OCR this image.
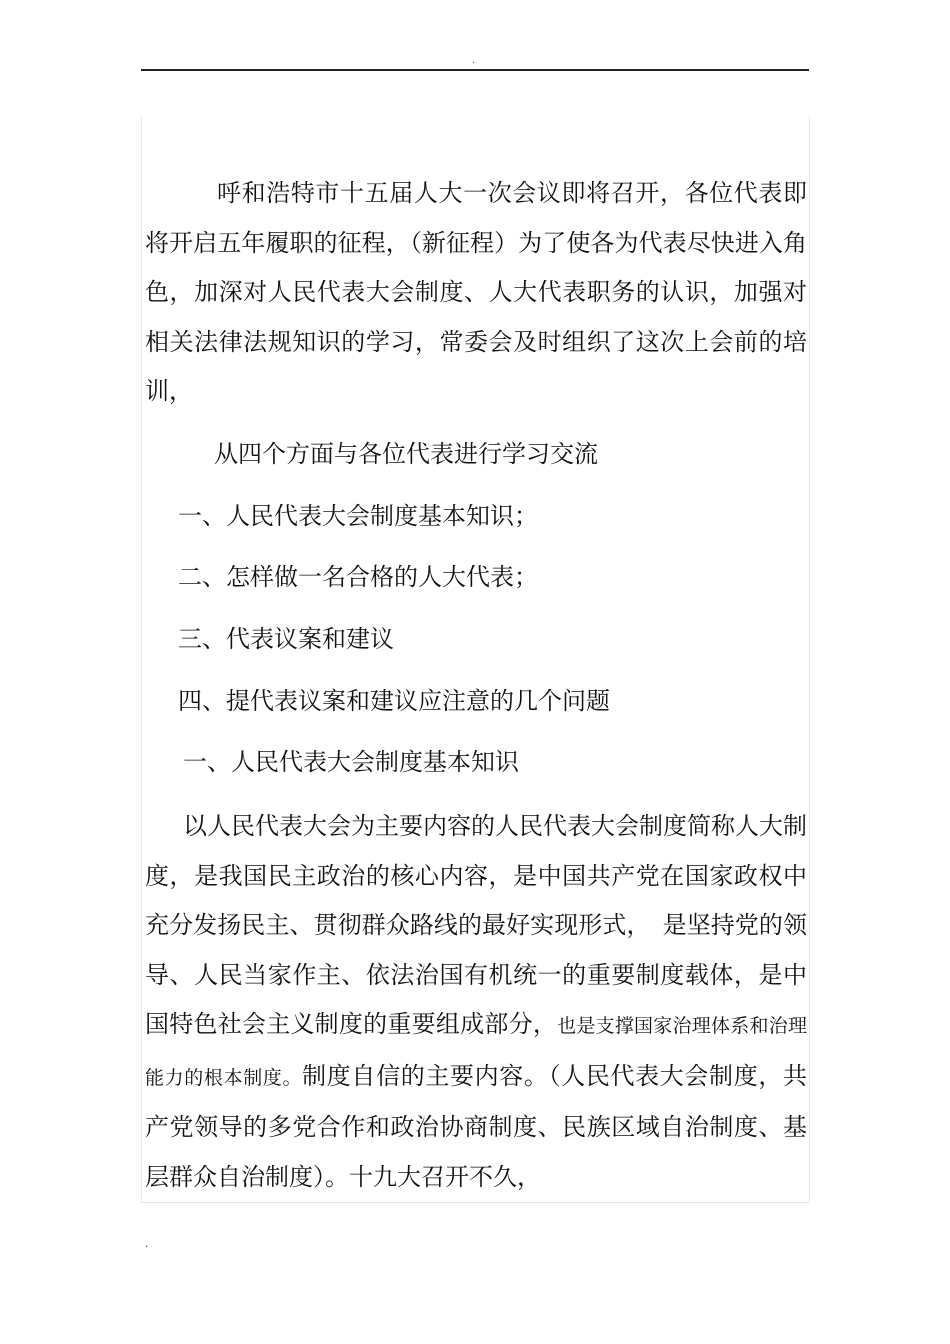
.
呼和浩特市十五届人大一次会议即将召开，各位代表即将开启五年履职的征程，（新征程）为了使各为代表尽快进入角色，加深对人民代表大会制度、人大代表职务的认识，加强对相关法律法规知识的学习，常委会及时组织了这次上会前的培训，
从四个方面与各位代表进行学习交流
一、人民代表大会制度基本知识；
二、怎样做一名合格的人大代表；
三、代表议案和建议
四、提代表议案和建议应注意的几个问题
一、人民代表大会制度基本知识
以人民代表大会为主要内容的人民代表大会制度简称人大制度，是我国民主政治的核心内容，是中国共产党在国家政权中充分发扬民主、贯彻群众路线的最好实现形式，　是坚持党的领导、人民当家作主、依法治国有机统一的重要制度载体，是中国特色社会主义制度的重要组成部分，也是支撑国家治理体系和治理能力的根本制度。制度自信的主要内容。（人民代表大会制度，共产党领导的多党合作和政治协商制度、民族区域自治制度、基层群众自治制度）。十九大召开不久，
.
